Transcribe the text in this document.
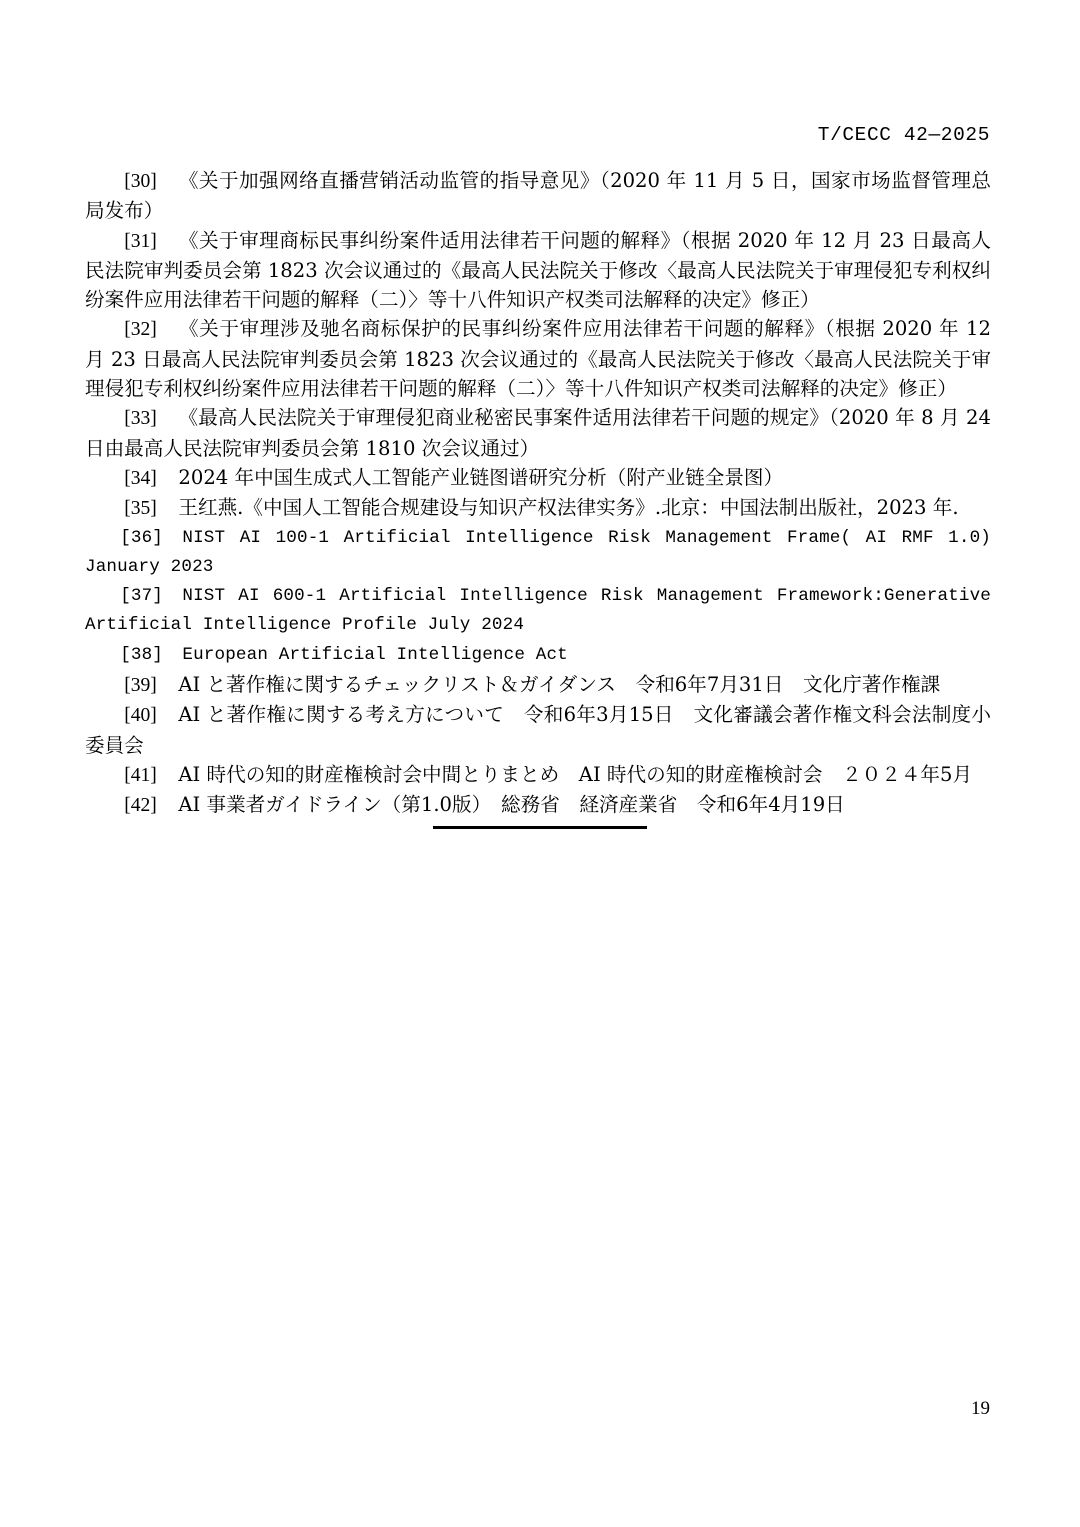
T/CECC 42—2025

[30] 《关于加强网络直播营销活动监管的指导意见》（2020 年 11 月 5 日，国家市场监督管理总局发布）

[31] 《关于审理商标民事纠纷案件适用法律若干问题的解释》（根据 2020 年 12 月 23 日最高人民法院审判委员会第 1823 次会议通过的《最高人民法院关于修改〈最高人民法院关于审理侵犯专利权纠纷案件应用法律若干问题的解释（二）〉等十八件知识产权类司法解释的决定》修正）

[32] 《关于审理涉及驰名商标保护的民事纠纷案件应用法律若干问题的解释》（根据 2020 年 12 月 23 日最高人民法院审判委员会第 1823 次会议通过的《最高人民法院关于修改〈最高人民法院关于审理侵犯专利权纠纷案件应用法律若干问题的解释（二）〉等十八件知识产权类司法解释的决定》修正）

[33] 《最高人民法院关于审理侵犯商业秘密民事案件适用法律若干问题的规定》（2020 年 8 月 24 日由最高人民法院审判委员会第 1810 次会议通过）

[34] 2024 年中国生成式人工智能产业链图谱研究分析（附产业链全景图）

[35] 王红燕.《中国人工智能合规建设与知识产权法律实务》.北京：中国法制出版社，2023 年.

[36] NIST AI 100-1 Artificial Intelligence Risk Management Frame( AI RMF 1.0) January 2023

[37] NIST AI 600-1 Artificial Intelligence Risk Management Framework:Generative Artificial Intelligence Profile July 2024

[38] European Artificial Intelligence Act

[39] AI と著作権に関するチェックリスト＆ガイダンス　令和6年7月31日　文化庁著作権課

[40] AI と著作権に関する考え方について　令和6年3月15日　文化審議会著作権文科会法制度小委員会

[41] AI 時代の知的財産権検討会中間とりまとめ　AI 時代の知的財産権検討会　２０２４年5月

[42] AI 事業者ガイドライン（第1.0版）　総務省　経済産業省　令和6年4月19日

19
